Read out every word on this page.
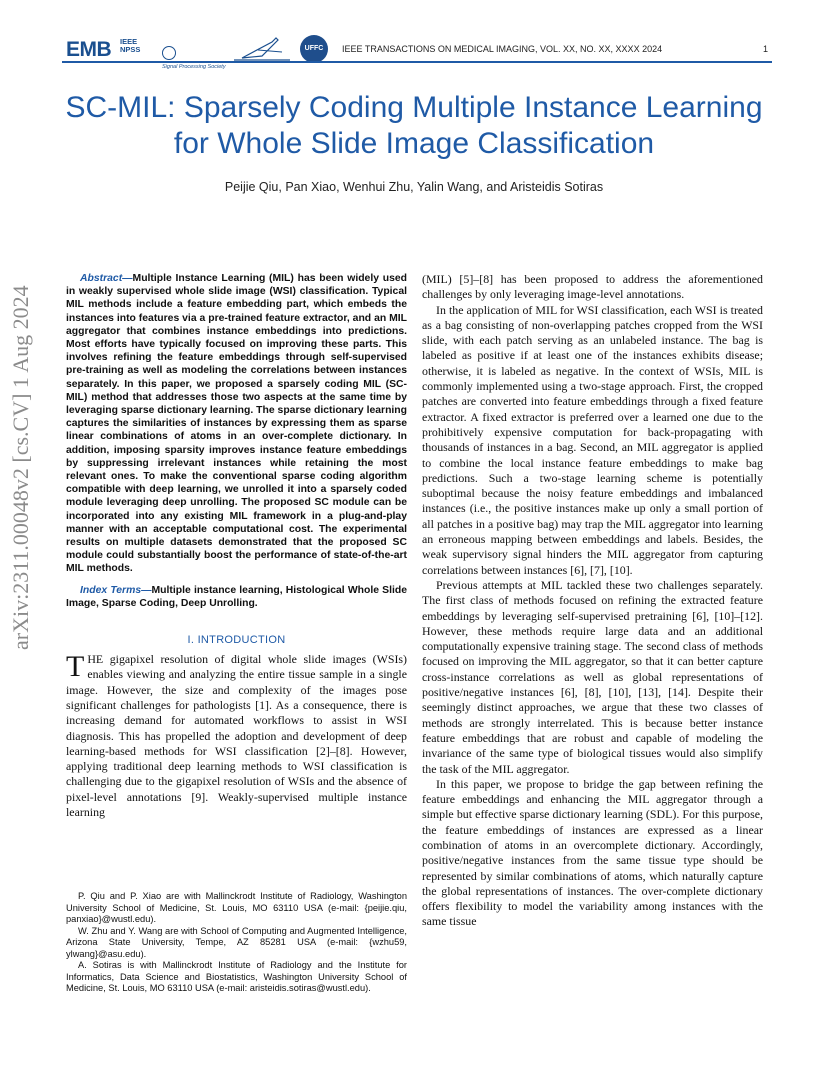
EMB IEEE NPSS
Signal Processing Society
UFFC	IEEE TRANSACTIONS ON MEDICAL IMAGING, VOL. XX, NO. XX, XXXX 2024	1
SC-MIL: Sparsely Coding Multiple Instance Learning for Whole Slide Image Classification
Peijie Qiu, Pan Xiao, Wenhui Zhu, Yalin Wang, and Aristeidis Sotiras
arXiv:2311.00048v2 [cs.CV] 1 Aug 2024

Abstract—Multiple Instance Learning (MIL) has been widely used in weakly supervised whole slide image (WSI) classification. Typical MIL methods include a feature embedding part, which embeds the instances into features via a pre-trained feature extractor, and an MIL aggregator that combines instance embeddings into predictions. Most efforts have typically focused on improving these parts. This involves refining the feature embeddings through self-supervised pre-training as well as modeling the correlations between instances separately. In this paper, we proposed a sparsely coding MIL (SC-MIL) method that addresses those two aspects at the same time by leveraging sparse dictionary learning. The sparse dictionary learning captures the similarities of instances by expressing them as sparse linear combinations of atoms in an over-complete dictionary. In addition, imposing sparsity improves instance feature embeddings by suppressing irrelevant instances while retaining the most relevant ones. To make the conventional sparse coding algorithm compatible with deep learning, we unrolled it into a sparsely coded module leveraging deep unrolling. The proposed SC module can be incorporated into any existing MIL framework in a plug-and-play manner with an acceptable computational cost. The experimental results on multiple datasets demonstrated that the proposed SC module could substantially boost the performance of state-of-the-art MIL methods.

Index Terms—Multiple instance learning, Histological Whole Slide Image, Sparse Coding, Deep Unrolling.

I. INTRODUCTION

THE gigapixel resolution of digital whole slide images (WSIs) enables viewing and analyzing the entire tissue sample in a single image. However, the size and complexity of the images pose significant challenges for pathologists [1]. As a consequence, there is increasing demand for automated workflows to assist in WSI diagnosis. This has propelled the adoption and development of deep learning-based methods for WSI classification [2]–[8]. However, applying traditional deep learning methods to WSI classification is challenging due to the gigapixel resolution of WSIs and the absence of pixel-level annotations [9]. Weakly-supervised multiple instance learning

P. Qiu and P. Xiao are with Mallinckrodt Institute of Radiology, Washington University School of Medicine, St. Louis, MO 63110 USA (e-mail: {peijie.qiu, panxiao}@wustl.edu).

W. Zhu and Y. Wang are with School of Computing and Augmented Intelligence, Arizona State University, Tempe, AZ 85281 USA (e-mail: {wzhu59, ylwang}@asu.edu).

A. Sotiras is with Mallinckrodt Institute of Radiology and the Institute for Informatics, Data Science and Biostatistics, Washington University School of Medicine, St. Louis, MO 63110 USA (e-mail: aristeidis.sotiras@wustl.edu).

(MIL) [5]–[8] has been proposed to address the aforementioned challenges by only leveraging image-level annotations.

In the application of MIL for WSI classification, each WSI is treated as a bag consisting of non-overlapping patches cropped from the WSI slide, with each patch serving as an unlabeled instance. The bag is labeled as positive if at least one of the instances exhibits disease; otherwise, it is labeled as negative. In the context of WSIs, MIL is commonly implemented using a two-stage approach. First, the cropped patches are converted into feature embeddings through a fixed feature extractor. A fixed extractor is preferred over a learned one due to the prohibitively expensive computation for back-propagating with thousands of instances in a bag. Second, an MIL aggregator is applied to combine the local instance feature embeddings to make bag predictions. Such a two-stage learning scheme is potentially suboptimal because the noisy feature embeddings and imbalanced instances (i.e., the positive instances make up only a small portion of all patches in a positive bag) may trap the MIL aggregator into learning an erroneous mapping between embeddings and labels. Besides, the weak supervisory signal hinders the MIL aggregator from capturing correlations between instances [6], [7], [10].

Previous attempts at MIL tackled these two challenges separately. The first class of methods focused on refining the extracted feature embeddings by leveraging self-supervised pretraining [6], [10]–[12]. However, these methods require large data and an additional computationally expensive training stage. The second class of methods focused on improving the MIL aggregator, so that it can better capture cross-instance correlations as well as global representations of positive/negative instances [6], [8], [10], [13], [14]. Despite their seemingly distinct approaches, we argue that these two classes of methods are strongly interrelated. This is because better instance feature embeddings that are robust and capable of modeling the invariance of the same type of biological tissues would also simplify the task of the MIL aggregator.

In this paper, we propose to bridge the gap between refining the feature embeddings and enhancing the MIL aggregator through a simple but effective sparse dictionary learning (SDL). For this purpose, the feature embeddings of instances are expressed as a linear combination of atoms in an overcomplete dictionary. Accordingly, positive/negative instances from the same tissue type should be represented by similar combinations of atoms, which naturally capture the global representations of instances. The over-complete dictionary offers flexibility to model the variability among instances with the same tissue
